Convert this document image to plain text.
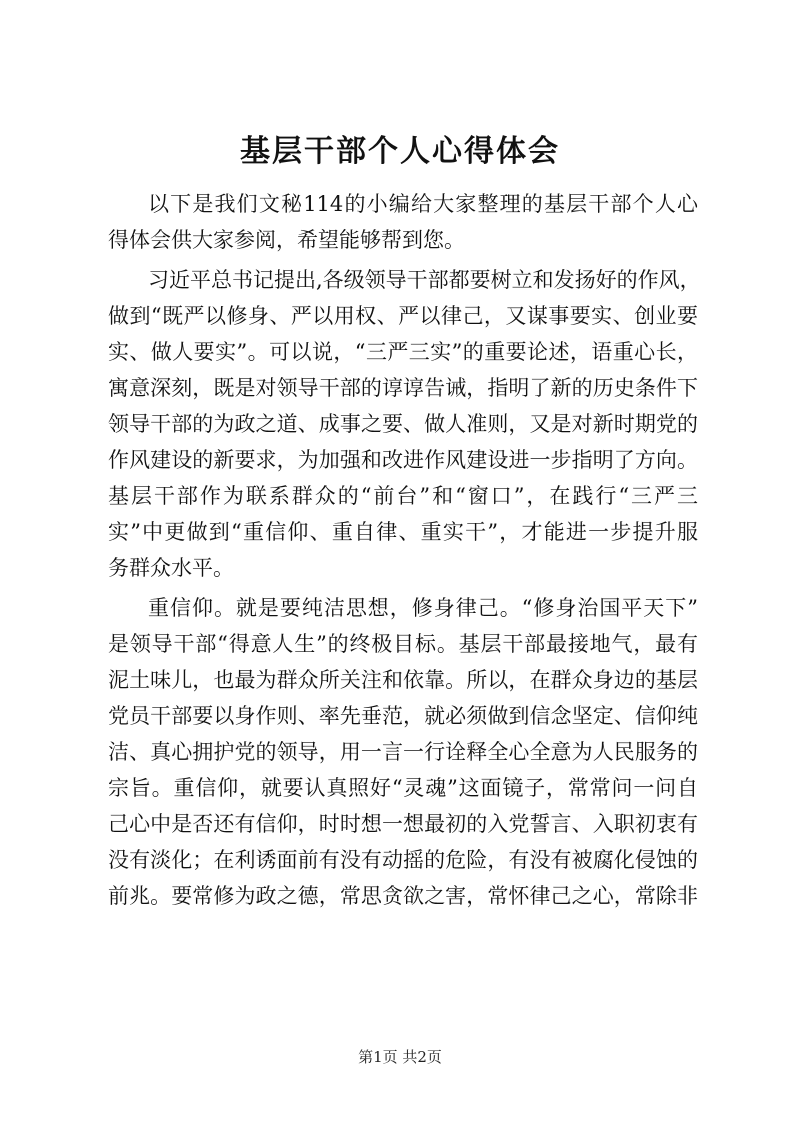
基层干部个人心得体会
以下是我们文秘114的小编给大家整理的基层干部个人心
得体会供大家参阅，希望能够帮到您。
习近平总书记提出,各级领导干部都要树立和发扬好的作风，
做到“既严以修身、严以用权、严以律己，又谋事要实、创业要
实、做人要实”。可以说，“三严三实”的重要论述，语重心长，
寓意深刻，既是对领导干部的谆谆告诫，指明了新的历史条件下
领导干部的为政之道、成事之要、做人准则，又是对新时期党的
作风建设的新要求，为加强和改进作风建设进一步指明了方向。
基层干部作为联系群众的“前台”和“窗口”，在践行“三严三
实”中更做到“重信仰、重自律、重实干”，才能进一步提升服
务群众水平。
重信仰。就是要纯洁思想，修身律己。“修身治国平天下”
是领导干部“得意人生”的终极目标。基层干部最接地气，最有
泥土味儿，也最为群众所关注和依靠。所以，在群众身边的基层
党员干部要以身作则、率先垂范，就必须做到信念坚定、信仰纯
洁、真心拥护党的领导，用一言一行诠释全心全意为人民服务的
宗旨。重信仰，就要认真照好“灵魂”这面镜子，常常问一问自
己心中是否还有信仰，时时想一想最初的入党誓言、入职初衷有
没有淡化；在利诱面前有没有动摇的危险，有没有被腐化侵蚀的
前兆。要常修为政之德，常思贪欲之害，常怀律己之心，常除非
第1页 共2页
